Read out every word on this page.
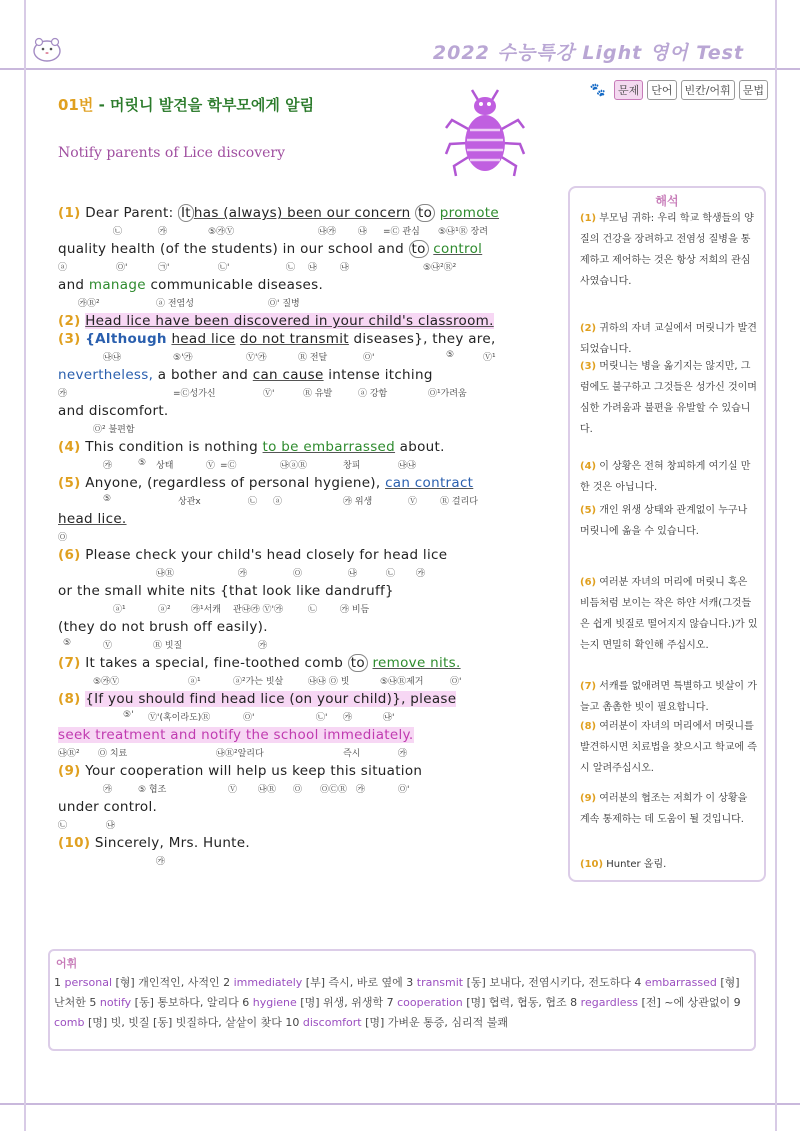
2022 수능특강 Light 영어 Test
🐾	문제	단어	빈칸/어휘	문법
01번 - 머릿니 발견을 학부모에게 알림
Notify parents of Lice discovery
(1) Dear Parent: It has (always) been our concern to promote
㉡	㉮	⑤㉮Ⓥ	㉯㉮ ㉯ =Ⓒ 관심 ⑤㉯¹Ⓡ 장려
quality health (of the students) in our school and to control
ⓐ	Ⓞ'	㉠'	㉡'	㉡ ㉯	㉯	⑤㉯²Ⓡ²
and manage communicable diseases.
㉮Ⓡ²	ⓐ 전염성	Ⓞ' 질병
(2) Head lice have been discovered in your child's classroom.
(3) {Although head lice do not transmit diseases}, they are,
㉯㉯	⑤'㉮	Ⓥ'㉮	Ⓡ 전달	Ⓞ'	⑤	Ⓥ¹
nevertheless, a bother and can cause intense itching
㉮	=Ⓒ성가신	Ⓥ'	Ⓡ 유발	ⓐ 강함	Ⓞ¹가려움
and discomfort.
Ⓞ² 불편함
(4) This condition is nothing to be embarrassed about.
㉮	⑤ 상태	Ⓥ =Ⓒ	㉯ⓐⓇ	창피	㉯㉯
(5) Anyone, (regardless of personal hygiene), can contract
⑤	상관x	㉡ ⓐ	㉮ 위생	Ⓥ	Ⓡ 걸리다
head lice.
Ⓞ
(6) Please check your child's head closely for head lice
㉯Ⓡ	㉮	Ⓞ	㉯	㉡ ㉮
or the small white nits {that look like dandruff}
ⓐ¹	ⓐ² ㉮¹서캐 관㉯㉮ Ⓥ'㉮	㉡	㉮ 비듬
(they do not brush off easily).
⑤	Ⓥ	Ⓡ 빗질	㉮
(7) It takes a special, fine-toothed comb to remove nits.
⑤㉮Ⓥ	ⓐ¹	ⓐ²가는 빗살	㉯㉯ Ⓞ 빗	⑤㉯Ⓡ제거	Ⓞ'
(8) {If you should find head lice (on your child)}, please
⑤' Ⓥ'(혹이라도)Ⓡ	Ⓞ'	㉡' ㉮	㉯'
seek treatment and notify the school immediately.
㉯Ⓡ² Ⓞ 치료	㉯Ⓡ²알리다	즉시	㉮
(9) Your cooperation will help us keep this situation
㉮	⑤ 협조	Ⓥ ㉯Ⓡ Ⓞ ⓄⒸⓇ ㉮	Ⓞ'
under control.
㉡	㉯
(10) Sincerely, Mrs. Hunte.
㉮
해석
(1) 부모님 귀하: 우리 학교 학생들의 양질의 건강을 장려하고 전염성 질병을 통제하고 제어하는 것은 항상 저희의 관심사였습니다.
(2) 귀하의 자녀 교실에서 머릿니가 발견되었습니다.
(3) 머릿니는 병을 옮기지는 않지만, 그럼에도 불구하고 그것들은 성가신 것이며 심한 가려움과 불편을 유발할 수 있습니다.
(4) 이 상황은 전혀 창피하게 여기실 만한 것은 아닙니다.
(5) 개인 위생 상태와 관계없이 누구나 머릿니에 옮을 수 있습니다.
(6) 여러분 자녀의 머리에 머릿니 혹은 비듬처럼 보이는 작은 하얀 서캐(그것들은 쉽게 빗질로 떨어지지 않습니다.)가 있는지 면밀히 확인해 주십시오.
(7) 서캐를 없애려면 특별하고 빗살이 가늘고 촘촘한 빗이 필요합니다.
(8) 여러분이 자녀의 머리에서 머릿니를 발견하시면 치료법을 찾으시고 학교에 즉시 알려주십시오.
(9) 여러분의 협조는 저희가 이 상황을 계속 통제하는 데 도움이 될 것입니다.
(10) Hunter 올림.
어휘
1 personal [형] 개인적인, 사적인 2 immediately [부] 즉시, 바로 옆에 3 transmit [동] 보내다, 전염시키다, 전도하다 4 embarrassed [형] 난처한 5 notify [동] 통보하다, 알리다 6 hygiene [명] 위생, 위생학 7 cooperation [명] 협력, 협동, 협조 8 regardless [전] ~에 상관없이 9 comb [명] 빗, 빗질 [동] 빗질하다, 샅샅이 찾다 10 discomfort [명] 가벼운 통증, 심리적 불쾌
